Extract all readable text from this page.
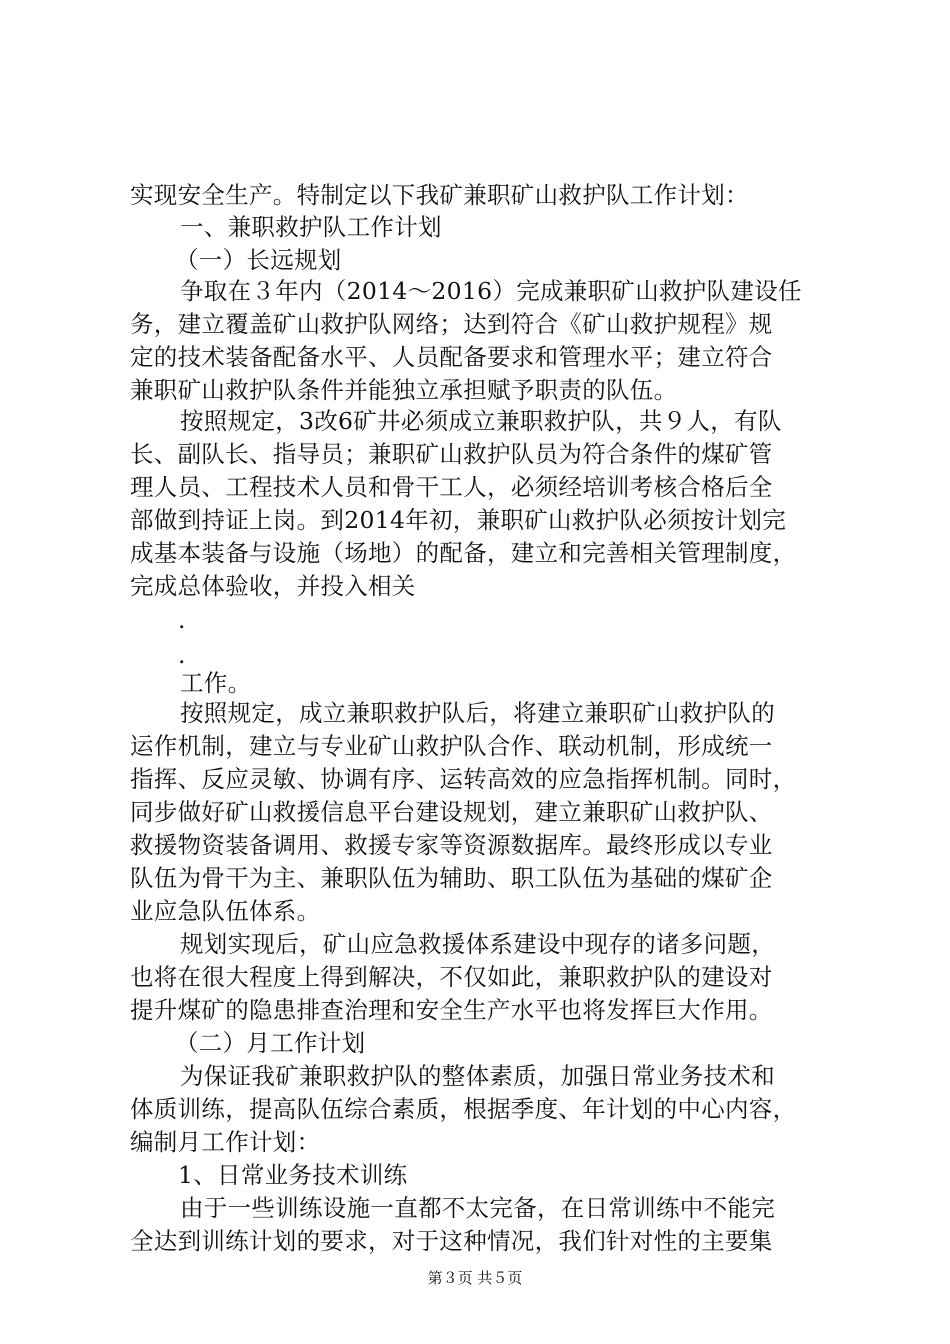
实现安全生产。特制定以下我矿兼职矿山救护队工作计划：
一、兼职救护队工作计划
（一）长远规划
争取在３年内（2014～2016）完成兼职矿山救护队建设任
务，建立覆盖矿山救护队网络；达到符合《矿山救护规程》规
定的技术装备配备水平、人员配备要求和管理水平；建立符合
兼职矿山救护队条件并能独立承担赋予职责的队伍。
按照规定，3改6矿井必须成立兼职救护队，共９人，有队
长、副队长、指导员；兼职矿山救护队员为符合条件的煤矿管
理人员、工程技术人员和骨干工人，必须经培训考核合格后全
部做到持证上岗。到2014年初，兼职矿山救护队必须按计划完
成基本装备与设施（场地）的配备，建立和完善相关管理制度，
完成总体验收，并投入相关
.
.
工作。
按照规定，成立兼职救护队后，将建立兼职矿山救护队的
运作机制，建立与专业矿山救护队合作、联动机制，形成统一
指挥、反应灵敏、协调有序、运转高效的应急指挥机制。同时，
同步做好矿山救援信息平台建设规划，建立兼职矿山救护队、
救援物资装备调用、救援专家等资源数据库。最终形成以专业
队伍为骨干为主、兼职队伍为辅助、职工队伍为基础的煤矿企
业应急队伍体系。
规划实现后，矿山应急救援体系建设中现存的诸多问题，
也将在很大程度上得到解决，不仅如此，兼职救护队的建设对
提升煤矿的隐患排查治理和安全生产水平也将发挥巨大作用。
（二）月工作计划
为保证我矿兼职救护队的整体素质，加强日常业务技术和
体质训练，提高队伍综合素质，根据季度、年计划的中心内容，
编制月工作计划：
1、日常业务技术训练
由于一些训练设施一直都不太完备，在日常训练中不能完
全达到训练计划的要求，对于这种情况，我们针对性的主要集
第３页 共５页
